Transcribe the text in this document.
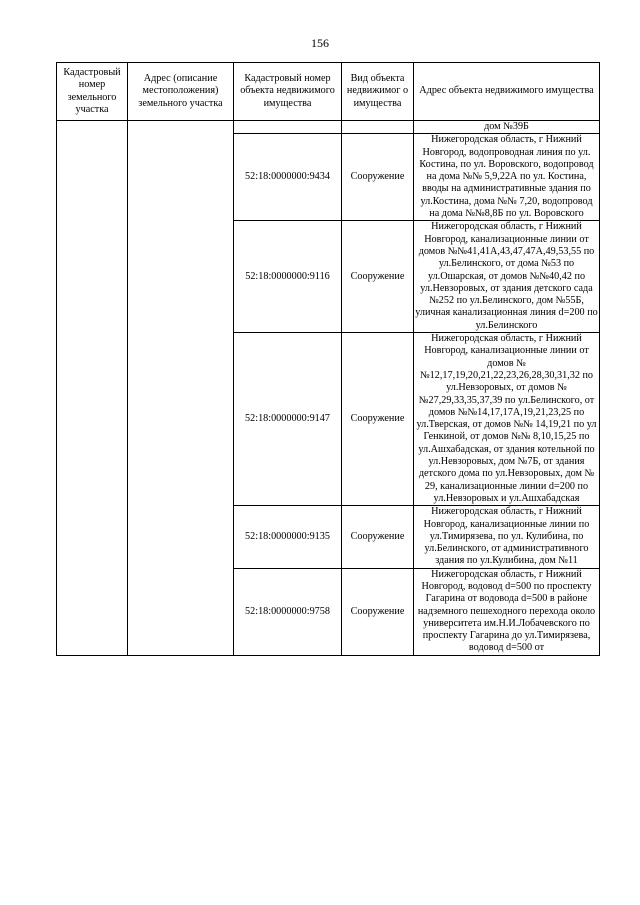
156
Кадастровый номер земельного участка	Адрес (описание местоположения) земельного участка	Кадастровый номер объекта недвижимого имущества	Вид объекта недвижимог о имущества	Адрес объекта недвижимого имущества
				дом №39Б
		52:18:0000000:9434	Сооружение	Нижегородская область, г Нижний Новгород, водопроводная линия по ул. Костина, по ул. Воровского, водопровод на дома №№ 5,9,22А по ул. Костина, вводы на административные здания по ул.Костина, дома №№ 7,20, водопровод на дома №№8,8Б по ул. Воровского
		52:18:0000000:9116	Сооружение	Нижегородская область, г Нижний Новгород, канализационные линии от домов №№41,41А,43,47,47А,49,53,55 по ул.Белинского, от дома №53 по ул.Ошарская, от домов №№40,42 по ул.Невзоровых, от здания детского сада №252 по ул.Белинского, дом №55Б, уличная канализационная линия d=200 по ул.Белинского
		52:18:0000000:9147	Сооружение	Нижегородская область, г Нижний Новгород, канализационные линии от домов №№12,17,19,20,21,22,23,26,28,30,31,32 по ул.Невзоровых, от домов №№27,29,33,35,37,39 по ул.Белинского, от домов №№14,17,17А,19,21,23,25 по ул.Тверская, от домов №№ 14,19,21 по ул Генкиной, от домов №№ 8,10,15,25 по ул.Ашхабадская, от здания котельной по ул.Невзоровых, дом №7Б, от здания детского дома по ул.Невзоровых, дом № 29, канализационные линии d=200 по ул.Невзоровых и ул.Ашхабадская
		52:18:0000000:9135	Сооружение	Нижегородская область, г Нижний Новгород, канализационные линии по ул.Тимирязева, по ул. Кулибина, по ул.Белинского, от административного здания по ул.Кулибина, дом №11
		52:18:0000000:9758	Сооружение	Нижегородская область, г Нижний Новгород, водовод d=500 по проспекту Гагарина от водовода d=500 в районе надземного пешеходного перехода около университета им.Н.И.Лобачевского по проспекту Гагарина до ул.Тимирязева, водовод d=500 от
